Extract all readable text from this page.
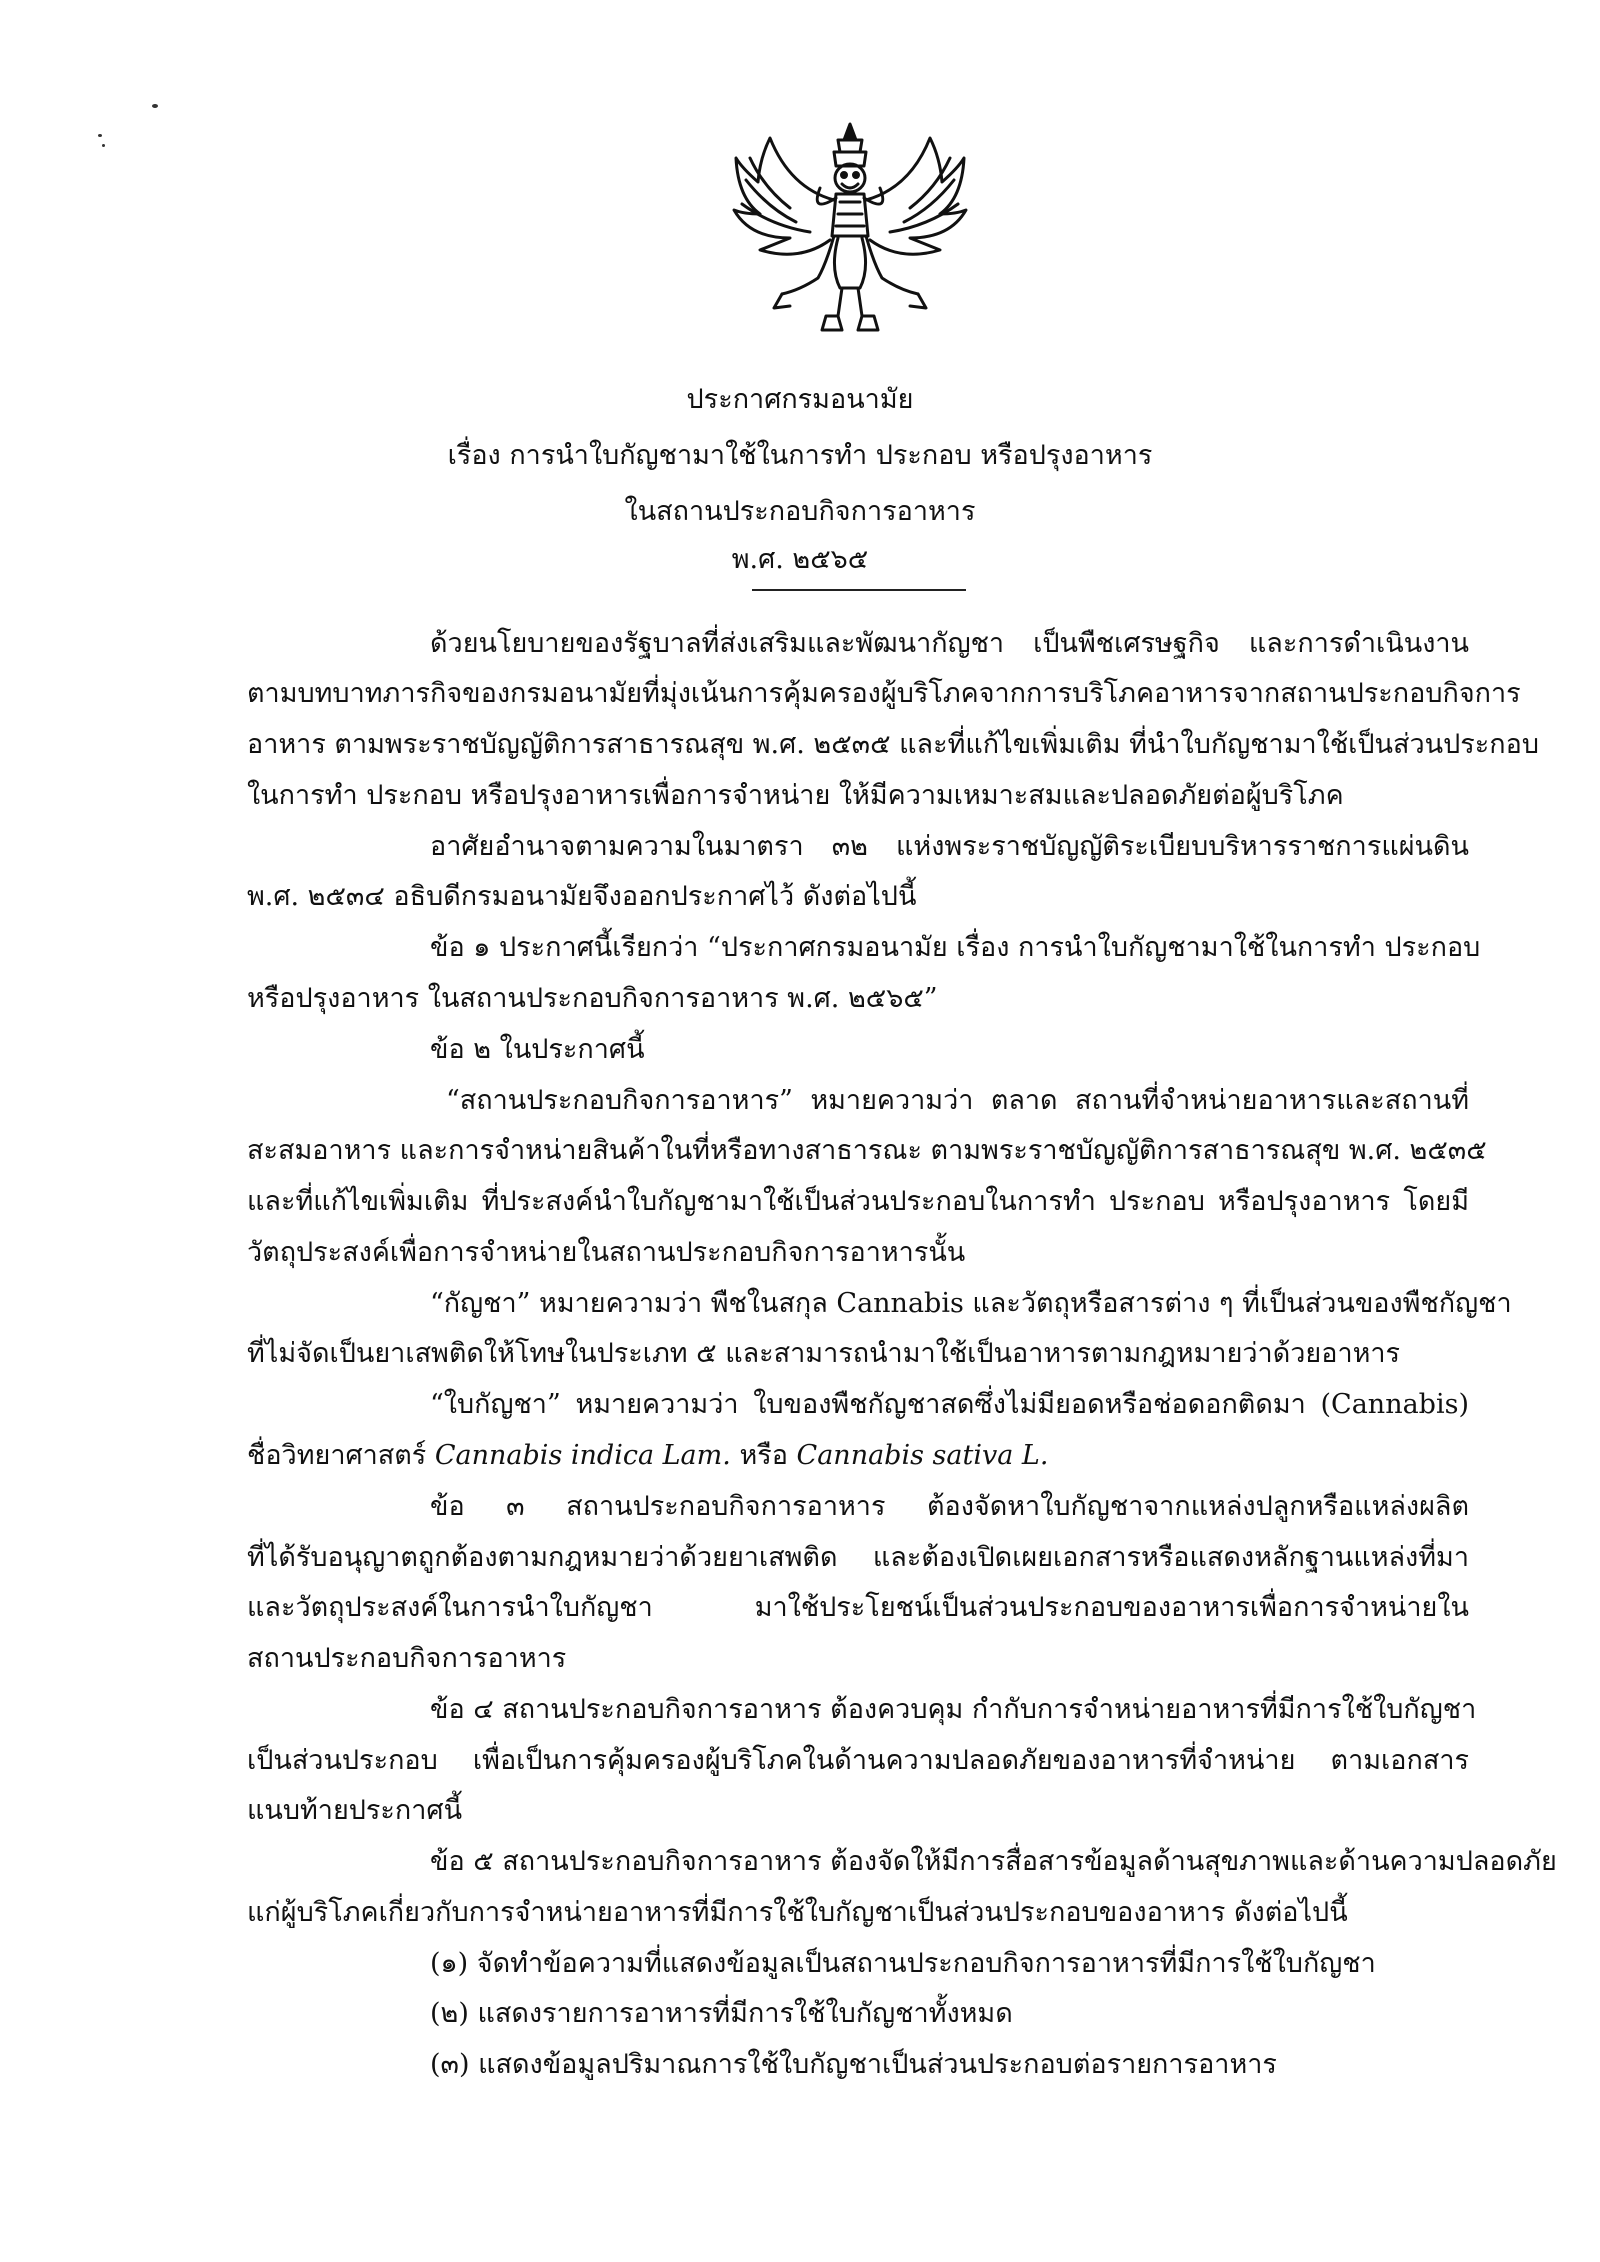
ประกาศกรมอนามัย
เรื่อง การนำใบกัญชามาใช้ในการทำ ประกอบ หรือปรุงอาหาร
ในสถานประกอบกิจการอาหาร
พ.ศ. ๒๕๖๕
ด้วยนโยบายของรัฐบาลที่ส่งเสริมและพัฒนากัญชา เป็นพืชเศรษฐกิจ และการดำเนินงาน
ตามบทบาทภารกิจของกรมอนามัยที่มุ่งเน้นการคุ้มครองผู้บริโภคจากการบริโภคอาหารจากสถานประกอบกิจการ
อาหาร ตามพระราชบัญญัติการสาธารณสุข พ.ศ. ๒๕๓๕ และที่แก้ไขเพิ่มเติม ที่นำใบกัญชามาใช้เป็นส่วนประกอบ
ในการทำ ประกอบ หรือปรุงอาหารเพื่อการจำหน่าย ให้มีความเหมาะสมและปลอดภัยต่อผู้บริโภค
อาศัยอำนาจตามความในมาตรา ๓๒ แห่งพระราชบัญญัติระเบียบบริหารราชการแผ่นดิน
พ.ศ. ๒๕๓๔ อธิบดีกรมอนามัยจึงออกประกาศไว้ ดังต่อไปนี้
ข้อ ๑ ประกาศนี้เรียกว่า “ประกาศกรมอนามัย เรื่อง การนำใบกัญชามาใช้ในการทำ ประกอบ
หรือปรุงอาหาร ในสถานประกอบกิจการอาหาร พ.ศ. ๒๕๖๕”
ข้อ ๒ ในประกาศนี้
“สถานประกอบกิจการอาหาร” หมายความว่า ตลาด สถานที่จำหน่ายอาหารและสถานที่
สะสมอาหาร และการจำหน่ายสินค้าในที่หรือทางสาธารณะ ตามพระราชบัญญัติการสาธารณสุข พ.ศ. ๒๕๓๕
และที่แก้ไขเพิ่มเติม ที่ประสงค์นำใบกัญชามาใช้เป็นส่วนประกอบในการทำ ประกอบ หรือปรุงอาหาร โดยมี
วัตถุประสงค์เพื่อการจำหน่ายในสถานประกอบกิจการอาหารนั้น
“กัญชา” หมายความว่า พืชในสกุล Cannabis และวัตถุหรือสารต่าง ๆ ที่เป็นส่วนของพืชกัญชา
ที่ไม่จัดเป็นยาเสพติดให้โทษในประเภท ๕ และสามารถนำมาใช้เป็นอาหารตามกฎหมายว่าด้วยอาหาร
“ใบกัญชา” หมายความว่า ใบของพืชกัญชาสดซึ่งไม่มียอดหรือช่อดอกติดมา (Cannabis)
ชื่อวิทยาศาสตร์ Cannabis indica Lam. หรือ Cannabis sativa L.
ข้อ ๓ สถานประกอบกิจการอาหาร ต้องจัดหาใบกัญชาจากแหล่งปลูกหรือแหล่งผลิต
ที่ได้รับอนุญาตถูกต้องตามกฎหมายว่าด้วยยาเสพติด และต้องเปิดเผยเอกสารหรือแสดงหลักฐานแหล่งที่มา
และวัตถุประสงค์ในการนำใบกัญชา มาใช้ประโยชน์เป็นส่วนประกอบของอาหารเพื่อการจำหน่ายใน
สถานประกอบกิจการอาหาร
ข้อ ๔ สถานประกอบกิจการอาหาร ต้องควบคุม กำกับการจำหน่ายอาหารที่มีการใช้ใบกัญชา
เป็นส่วนประกอบ เพื่อเป็นการคุ้มครองผู้บริโภคในด้านความปลอดภัยของอาหารที่จำหน่าย ตามเอกสาร
แนบท้ายประกาศนี้
ข้อ ๕ สถานประกอบกิจการอาหาร ต้องจัดให้มีการสื่อสารข้อมูลด้านสุขภาพและด้านความปลอดภัย
แก่ผู้บริโภคเกี่ยวกับการจำหน่ายอาหารที่มีการใช้ใบกัญชาเป็นส่วนประกอบของอาหาร ดังต่อไปนี้
(๑) จัดทำข้อความที่แสดงข้อมูลเป็นสถานประกอบกิจการอาหารที่มีการใช้ใบกัญชา
(๒) แสดงรายการอาหารที่มีการใช้ใบกัญชาทั้งหมด
(๓) แสดงข้อมูลปริมาณการใช้ใบกัญชาเป็นส่วนประกอบต่อรายการอาหาร
